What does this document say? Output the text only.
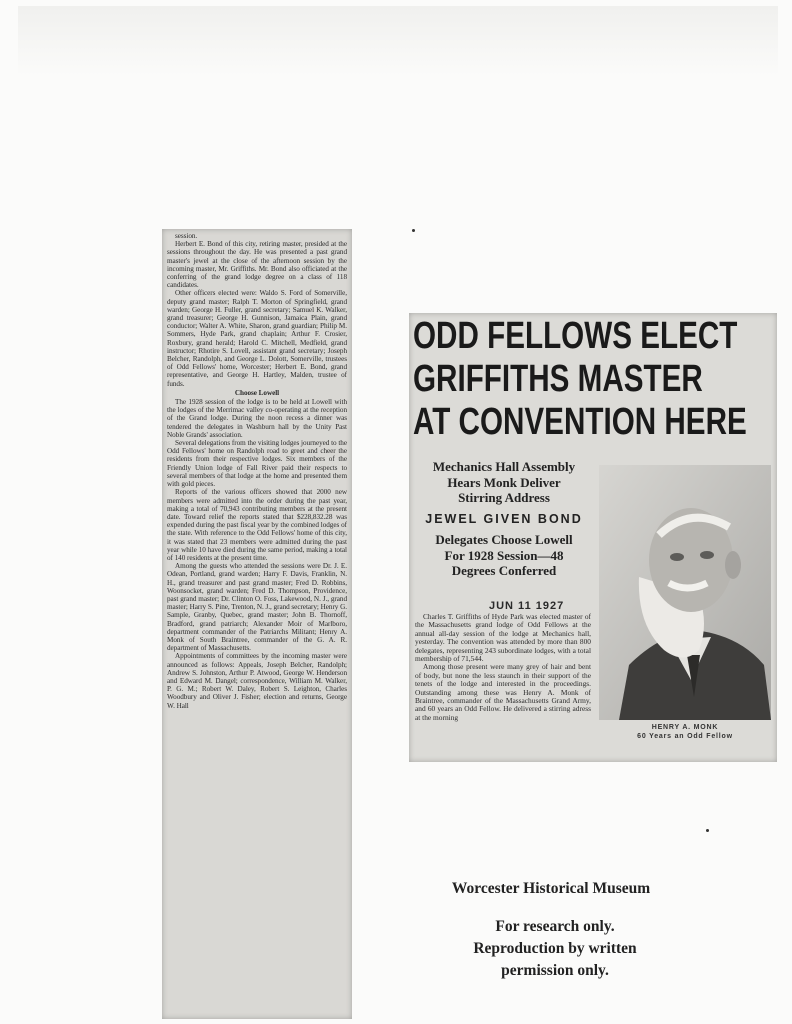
session.

Herbert E. Bond of this city, retiring master, presided at the sessions throughout the day. He was presented a past grand master's jewel at the close of the afternoon session by the incoming master, Mr. Griffiths. Mr. Bond also officiated at the conferring of the grand lodge degree on a class of 118 candidates.

Other officers elected were: Waldo S. Ford of Somerville, deputy grand master; Ralph T. Morton of Springfield, grand warden; George H. Fuller, grand secretary; Samuel K. Walker, grand treasurer; George H. Gunnison, Jamaica Plain, grand conductor; Walter A. White, Sharon, grand guardian; Philip M. Sommers, Hyde Park, grand chaplain; Arthur F. Crosier, Roxbury, grand herald; Harold C. Mitchell, Medfield, grand instructor; Rhotire S. Lovell, assistant grand secretary; Joseph Belcher, Randolph, and George L. Dolott, Somerville, trustees of Odd Fellows' home, Worcester; Herbert E. Bond, grand representative, and George H. Hartley, Malden, trustee of funds.

Choose Lowell

The 1928 session of the lodge is to be held at Lowell with the lodges of the Merrimac valley co-operating at the reception of the Grand lodge. During the noon recess a dinner was tendered the delegates in Washburn hall by the Unity Past Noble Grands' association.

Several delegations from the visiting lodges journeyed to the Odd Fellows' home on Randolph road to greet and cheer the residents from their respective lodges. Six members of the Friendly Union lodge of Fall River paid their respects to several members of that lodge at the home and presented them with gold pieces.

Reports of the various officers showed that 2000 new members were admitted into the order during the past year, making a total of 70,943 contributing members at the present date. Toward relief the reports stated that $228,832.28 was expended during the past fiscal year by the combined lodges of the state. With reference to the Odd Fellows' home of this city, it was stated that 23 members were admitted during the past year while 10 have died during the same period, making a total of 140 residents at the present time.

Among the guests who attended the sessions were Dr. J. E. Odean, Portland, grand warden; Harry F. Davis, Franklin, N. H., grand treasurer and past grand master; Fred D. Robbins, Woonsocket, grand warden; Fred D. Thompson, Providence, past grand master; Dr. Clinton O. Foss, Lakewood, N. J., grand master; Harry S. Pine, Trenton, N. J., grand secretary; Henry G. Sample, Granby, Quebec, grand master; John B. Thornoff, Bradford, grand patriarch; Alexander Moir of Marlboro, department commander of the Patriarchs Militant; Henry A. Monk of South Braintree, commander of the G. A. R. department of Massachusetts.

Appointments of committees by the incoming master were announced as follows: Appeals, Joseph Belcher, Randolph; Andrew S. Johnston, Arthur P. Atwood, George W. Henderson and Edward M. Dangel; correspondence, William M. Walker, P. G. M.; Robert W. Daley, Robert S. Leighton, Charles Woodbury and Oliver J. Fisher; election and returns, George W. Hall

ODD FELLOWS ELECT
GRIFFITHS MASTER
AT CONVENTION HERE
Mechanics Hall Assembly
Hears Monk Deliver
Stirring Address
JEWEL GIVEN BOND
Delegates Choose Lowell
For 1928 Session—48
Degrees Conferred
JUN 11 1927

Charles T. Griffiths of Hyde Park was elected master of the Massachusetts grand lodge of Odd Fellows at the annual all-day session of the lodge at Mechanics hall, yesterday. The convention was attended by more than 800 delegates, representing 243 subordinate lodges, with a total membership of 71,544.

Among those present were many grey of hair and bent of body, but none the less staunch in their support of the tenets of the lodge and interested in the proceedings. Outstanding among these was Henry A. Monk of Braintree, commander of the Massachusetts Grand Army, and 60 years an Odd Fellow. He delivered a stirring adress at the morning

HENRY A. MONK
60 Years an Odd Fellow
Worcester Historical Museum
For research only.
Reproduction by written
permission only.
